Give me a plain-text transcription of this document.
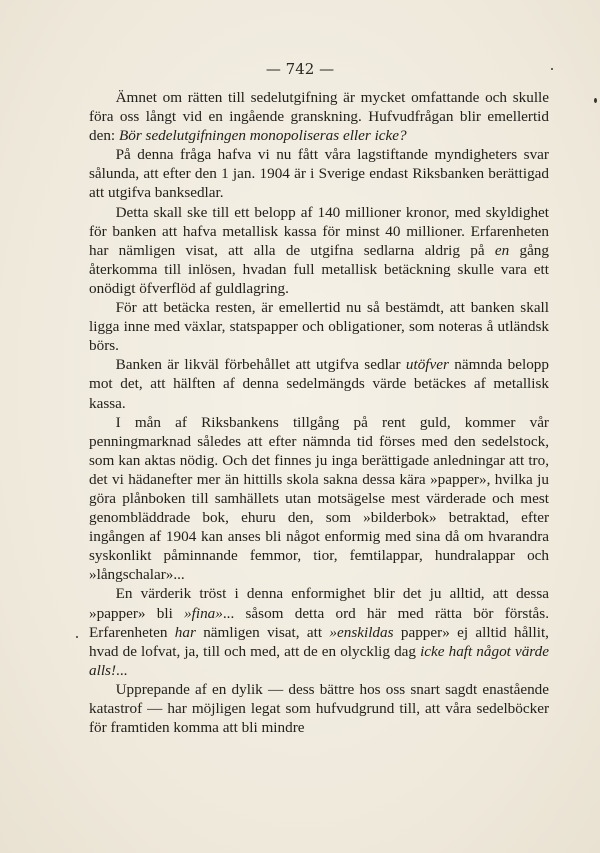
— 742 —

Ämnet om rätten till sedelutgifning är mycket omfattande och skulle föra oss långt vid en ingående granskning. Hufvudfrågan blir emellertid den: Bör sedelutgifningen monopoliseras eller icke?

På denna fråga hafva vi nu fått våra lagstiftande myndigheters svar sålunda, att efter den 1 jan. 1904 är i Sverige endast Riksbanken berättigad att utgifva banksedlar.

Detta skall ske till ett belopp af 140 millioner kronor, med skyldighet för banken att hafva metallisk kassa för minst 40 millioner. Erfarenheten har nämligen visat, att alla de utgifna sedlarna aldrig på en gång återkomma till inlösen, hvadan full metallisk betäckning skulle vara ett onödigt öfverflöd af guldlagring.

För att betäcka resten, är emellertid nu så bestämdt, att banken skall ligga inne med växlar, statspapper och obligationer, som noteras å utländsk börs.

Banken är likväl förbehållet att utgifva sedlar utöfver nämnda belopp mot det, att hälften af denna sedelmängds värde betäckes af metallisk kassa.

I mån af Riksbankens tillgång på rent guld, kommer vår penningmarknad således att efter nämnda tid förses med den sedelstock, som kan aktas nödig. Och det finnes ju inga berättigade anledningar att tro, det vi hädanefter mer än hittills skola sakna dessa kära »papper», hvilka ju göra plånboken till samhällets utan motsägelse mest värderade och mest genombläddrade bok, ehuru den, som »bilderbok» betraktad, efter ingången af 1904 kan anses bli något enformig med sina då om hvarandra syskonlikt påminnande femmor, tior, femtilappar, hundralappar och »långschalar»...

En värderik tröst i denna enformighet blir det ju alltid, att dessa »papper» bli »fina»... såsom detta ord här med rätta bör förstås. Erfarenheten har nämligen visat, att »enskildas papper» ej alltid hållit, hvad de lofvat, ja, till och med, att de en olycklig dag icke haft något värde alls!...

Upprepande af en dylik — dess bättre hos oss snart sagdt enastående katastrof — har möjligen legat som hufvudgrund till, att våra sedelböcker för framtiden komma att bli mindre
